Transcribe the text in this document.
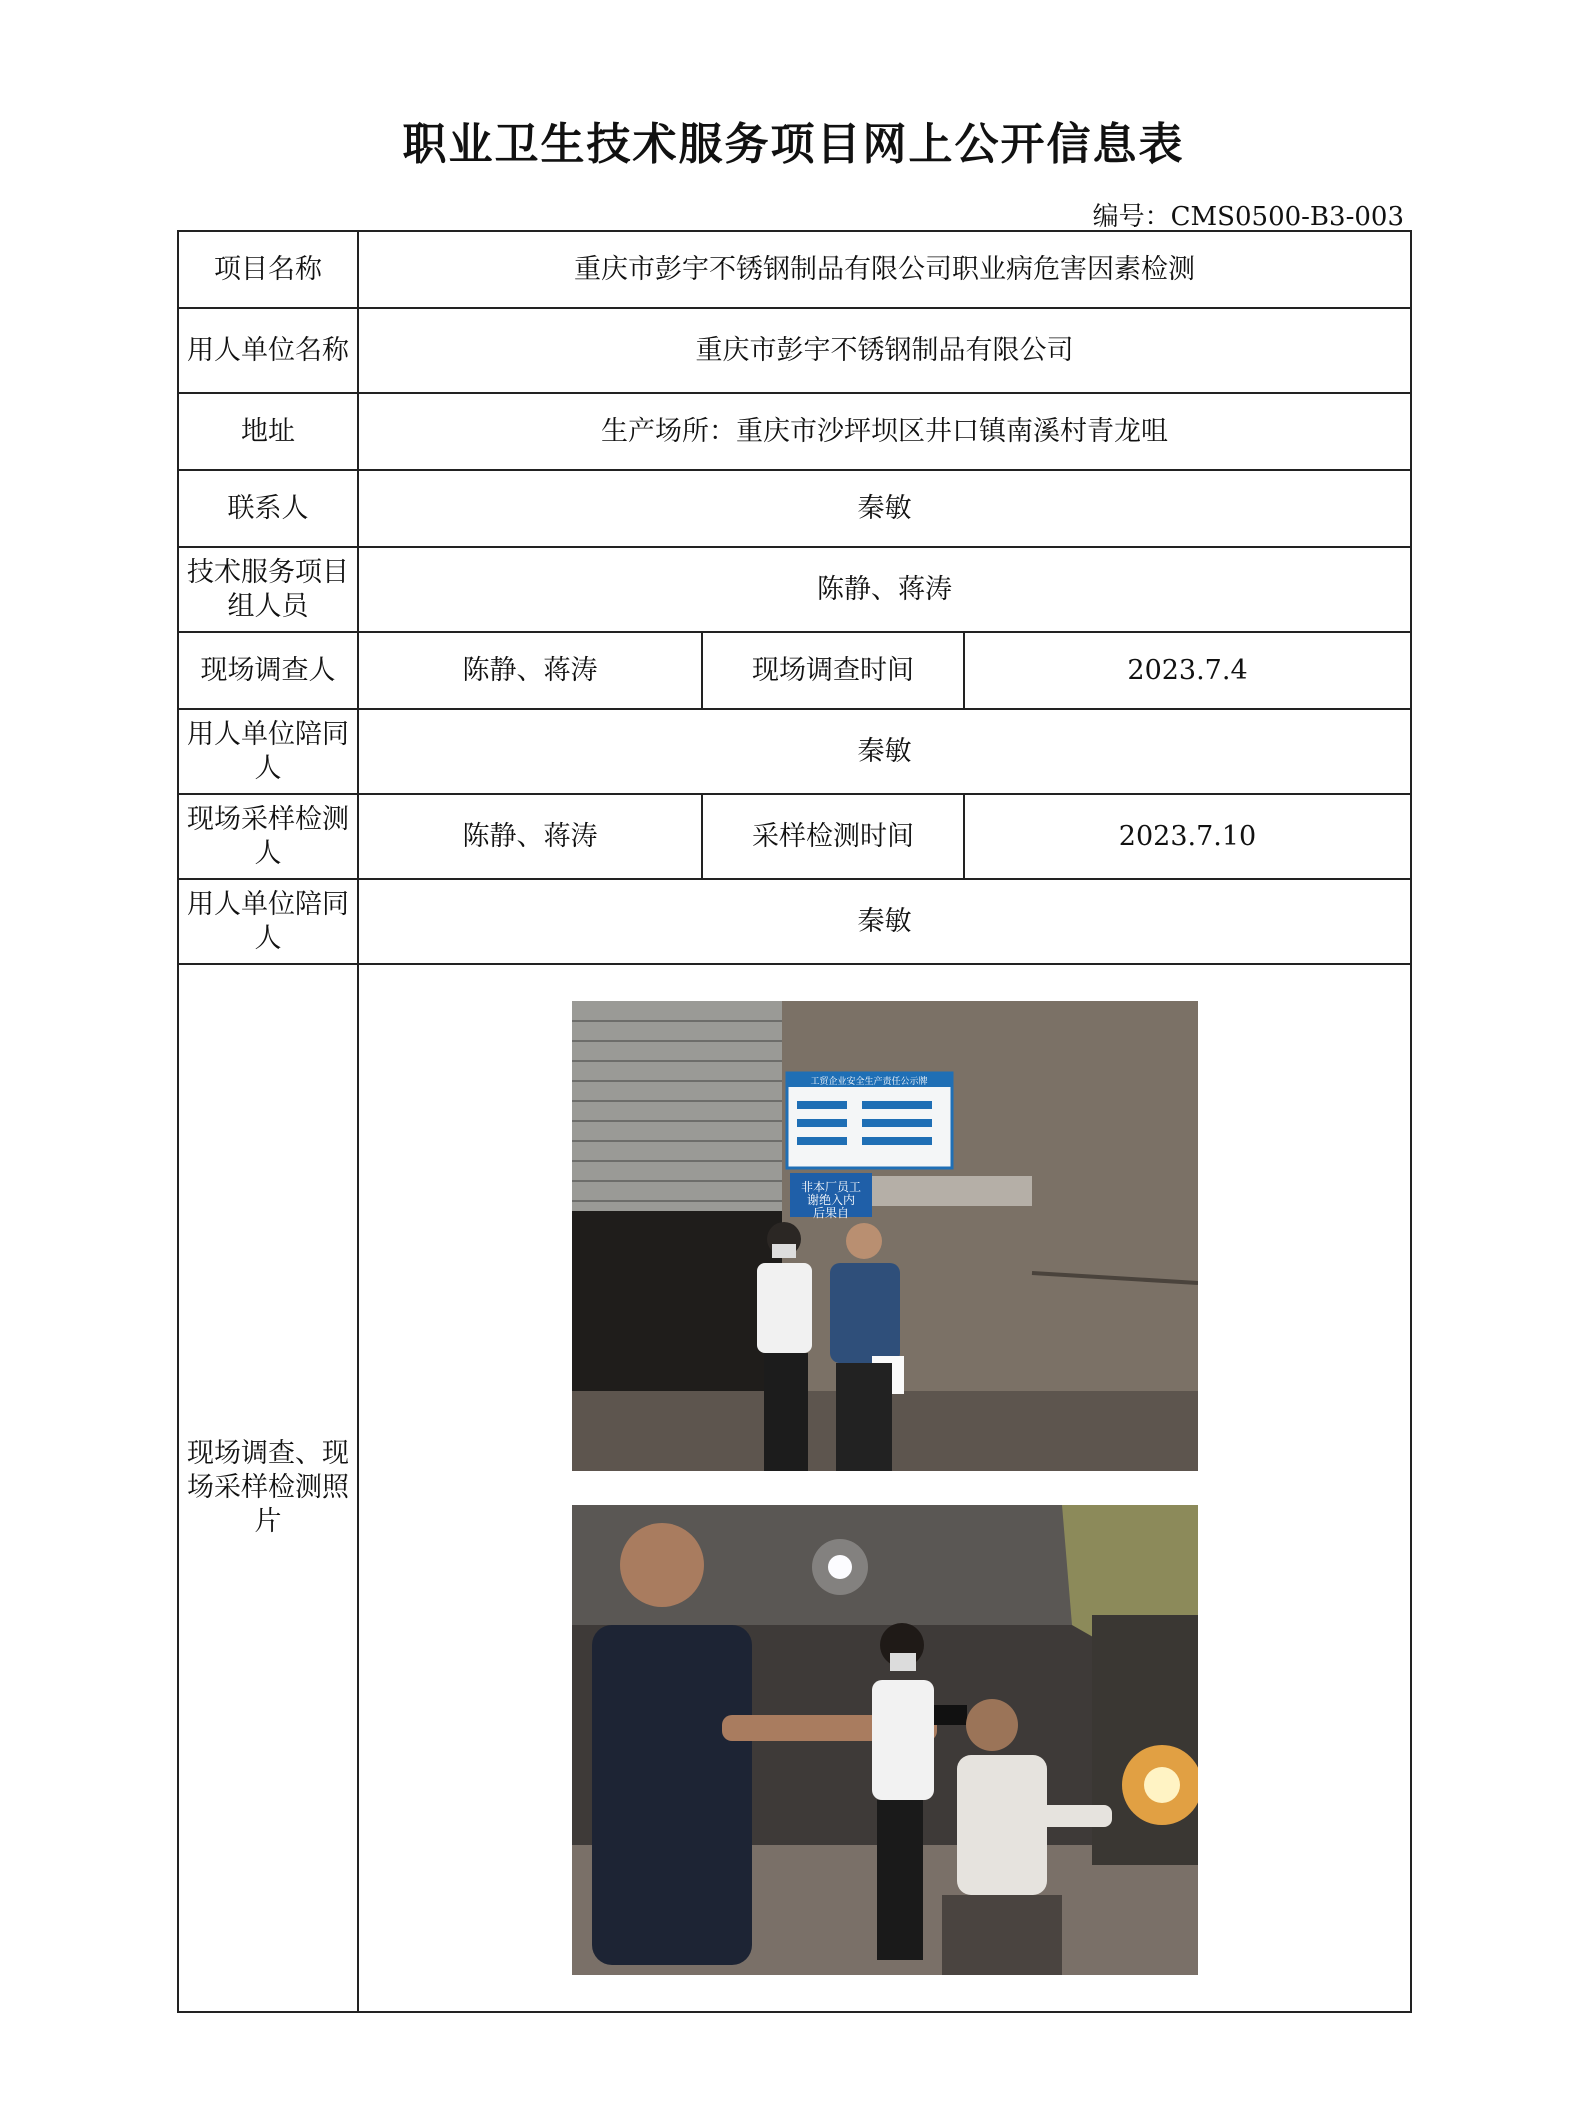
职业卫生技术服务项目网上公开信息表
编号：CMS0500-B3-003
项目名称	重庆市彭宇不锈钢制品有限公司职业病危害因素检测		
用人单位名称	重庆市彭宇不锈钢制品有限公司		
地址	生产场所：重庆市沙坪坝区井口镇南溪村青龙咀		
联系人	秦敏		
技术服务项目组人员	陈静、蒋涛		
现场调查人	陈静、蒋涛	现场调查时间	2023.7.4
用人单位陪同人	秦敏		
现场采样检测人	陈静、蒋涛	采样检测时间	2023.7.10
用人单位陪同人	秦敏		
现场调查、现场采样检测照片	工贸企业安全生产责任公示牌
非本厂员工谢绝入内后果自		
